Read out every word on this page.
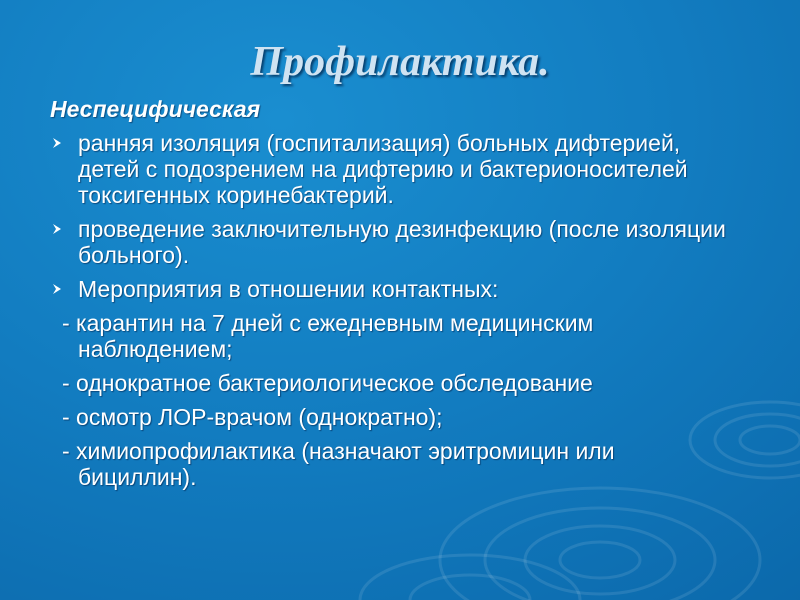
Профилактика.
Неспецифическая
ранняя изоляция (госпитализация) больных дифтерией, детей с подозрением на дифтерию и бактерионосителей токсигенных коринебактерий.
проведение заключительную дезинфекцию (после изоляции больного).
Мероприятия в отношении контактных:
- карантин на 7 дней с ежедневным медицинским наблюдением;
- однократное бактериологическое обследование
- осмотр ЛОР-врачом (однократно);
- химиопрофилактика (назначают эритромицин или бициллин).
